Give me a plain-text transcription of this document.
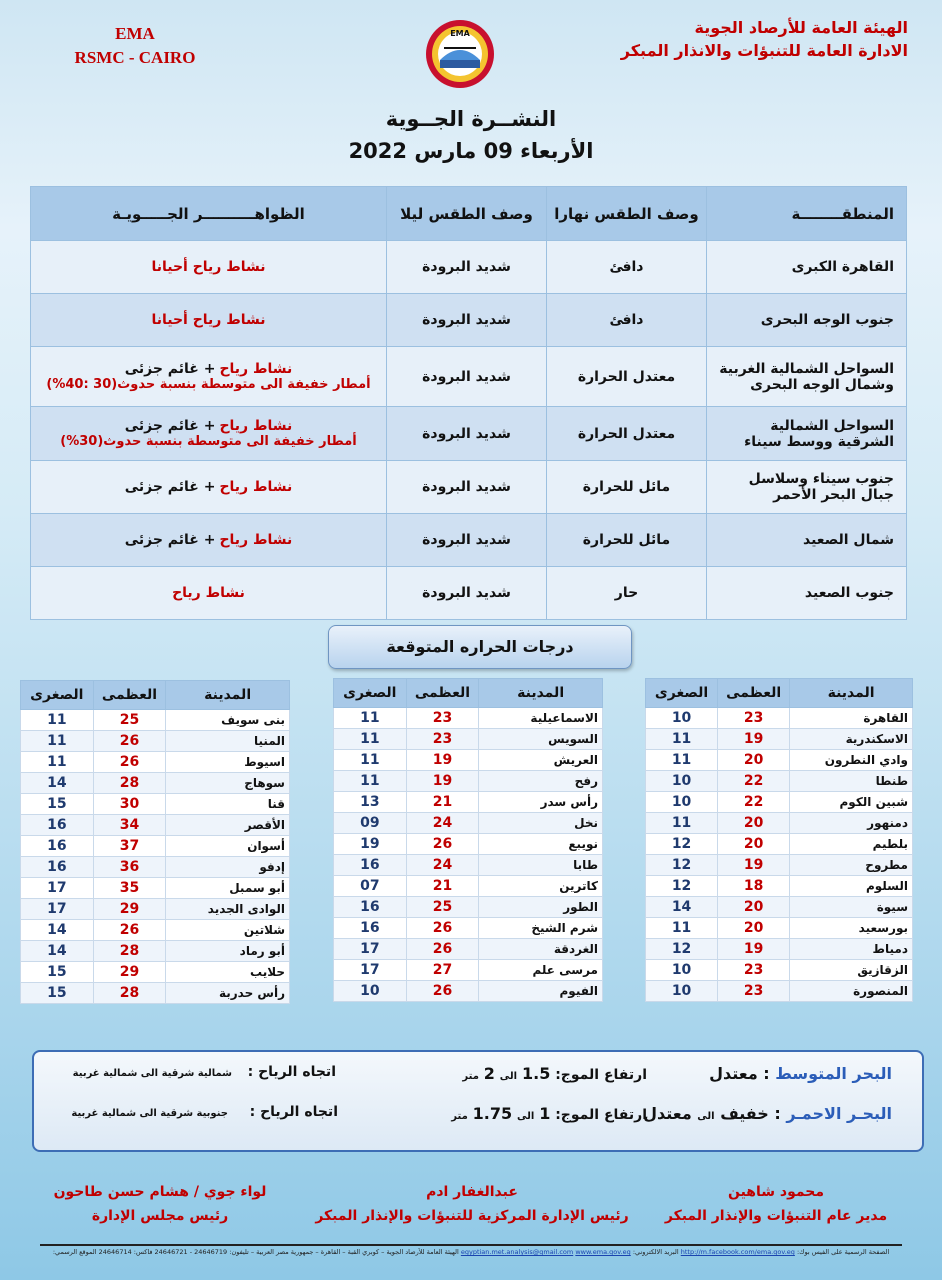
EMA
RSMC - CAIRO
EMA	الهيئة العامة للأرصاد الجوية
الادارة العامة للتنبؤات والانذار المبكر
النشــرة الجــوية
الأربعاء 09 مارس 2022
المنطقــــــــة	وصف الطقس نهارا	وصف الطقس ليلا	الظواهــــــــــر الجـــــويـة
القاهرة الكبرى	دافئ	شديد البرودة	نشاط رياح أحيانا

جنوب الوجه البحرى	دافئ	شديد البرودة	نشاط رياح أحيانا

السواحل الشمالية الغربية وشمال الوجه البحرى	معتدل الحرارة	شديد البرودة	نشاط رياح+ غائم جزئى
أمطار خفيفة الى متوسطة بنسبة حدوث(30 :40%)

السواحل الشمالية الشرقية ووسط سيناء	معتدل الحرارة	شديد البرودة	نشاط رياح+ غائم جزئى
أمطار خفيفة الى متوسطة بنسبة حدوث(30%)

جنوب سيناء وسلاسل جبال البحر الأحمر	مائل للحرارة	شديد البرودة	نشاط رياح+ غائم جزئى

شمال الصعيد	مائل للحرارة	شديد البرودة	نشاط رياح+ غائم جزئى

جنوب الصعيد	حار	شديد البرودة	نشاط رياح
درجات الحراره المتوقعة
المدينة	العظمى	الصغرى
القاهرة	23	10
الاسكندرية	19	11
وادي النطرون	20	11
طنطا	22	10
شبين الكوم	22	10
دمنهور	20	11
بلطيم	20	12
مطروح	19	12
السلوم	18	12
سيوة	20	14
بورسعيد	20	11
دمياط	19	12
الزقازيق	23	10
المنصورة	23	10
المدينة	العظمى	الصغرى
الاسماعيلية	23	11
السويس	23	11
العريش	19	11
رفح	19	11
رأس سدر	21	13
نخل	24	09
نويبع	26	19
طابا	24	16
كاترين	21	07
الطور	25	16
شرم الشيخ	26	16
الغردقة	26	17
مرسى علم	27	17
الفيوم	26	10
المدينة	العظمى	الصغرى
بنى سويف	25	11
المنيا	26	11
اسيوط	26	11
سوهاج	28	14
قنا	30	15
الأقصر	34	16
أسوان	37	16
إدفو	36	16
أبو سمبل	35	17
الوادى الجديد	29	17
شلاتين	26	14
أبو رماد	28	14
حلايب	29	15
رأس حدربة	28	15
البحر المتوسط : معتدل
ارتفاع الموج: 1.5 الى 2 متر
اتجاه الرياح :
شمالية شرقية الى شمالية غربية
البحـر الاحمـر : خفيف الى معتدل
ارتفاع الموج: 1 الى 1.75 متر
اتجاه الرياح :
جنوبية شرقية الى شمالية غربية
محمود شاهين
مدير عام التنبؤات والإنذار المبكر
عبدالغفار ادم
رئيس الإدارة المركزية للتنبؤات والإنذار المبكر
لواء جوي / هشام حسن طاحون
رئيس مجلس الإدارة
الصفحة الرسمية على الفيس بوك: http://m.facebook.com/ema.gov.eg البريد الالكتروني: egyptian.met.analysis@gmail.com www.ema.gov.eg الهيئة العامة للأرصاد الجوية – كوبري القبة – القاهرة – جمهورية مصر العربية – تليفون: 24646719 - 24646721 فاكس: 24646714 الموقع الرسمي:
